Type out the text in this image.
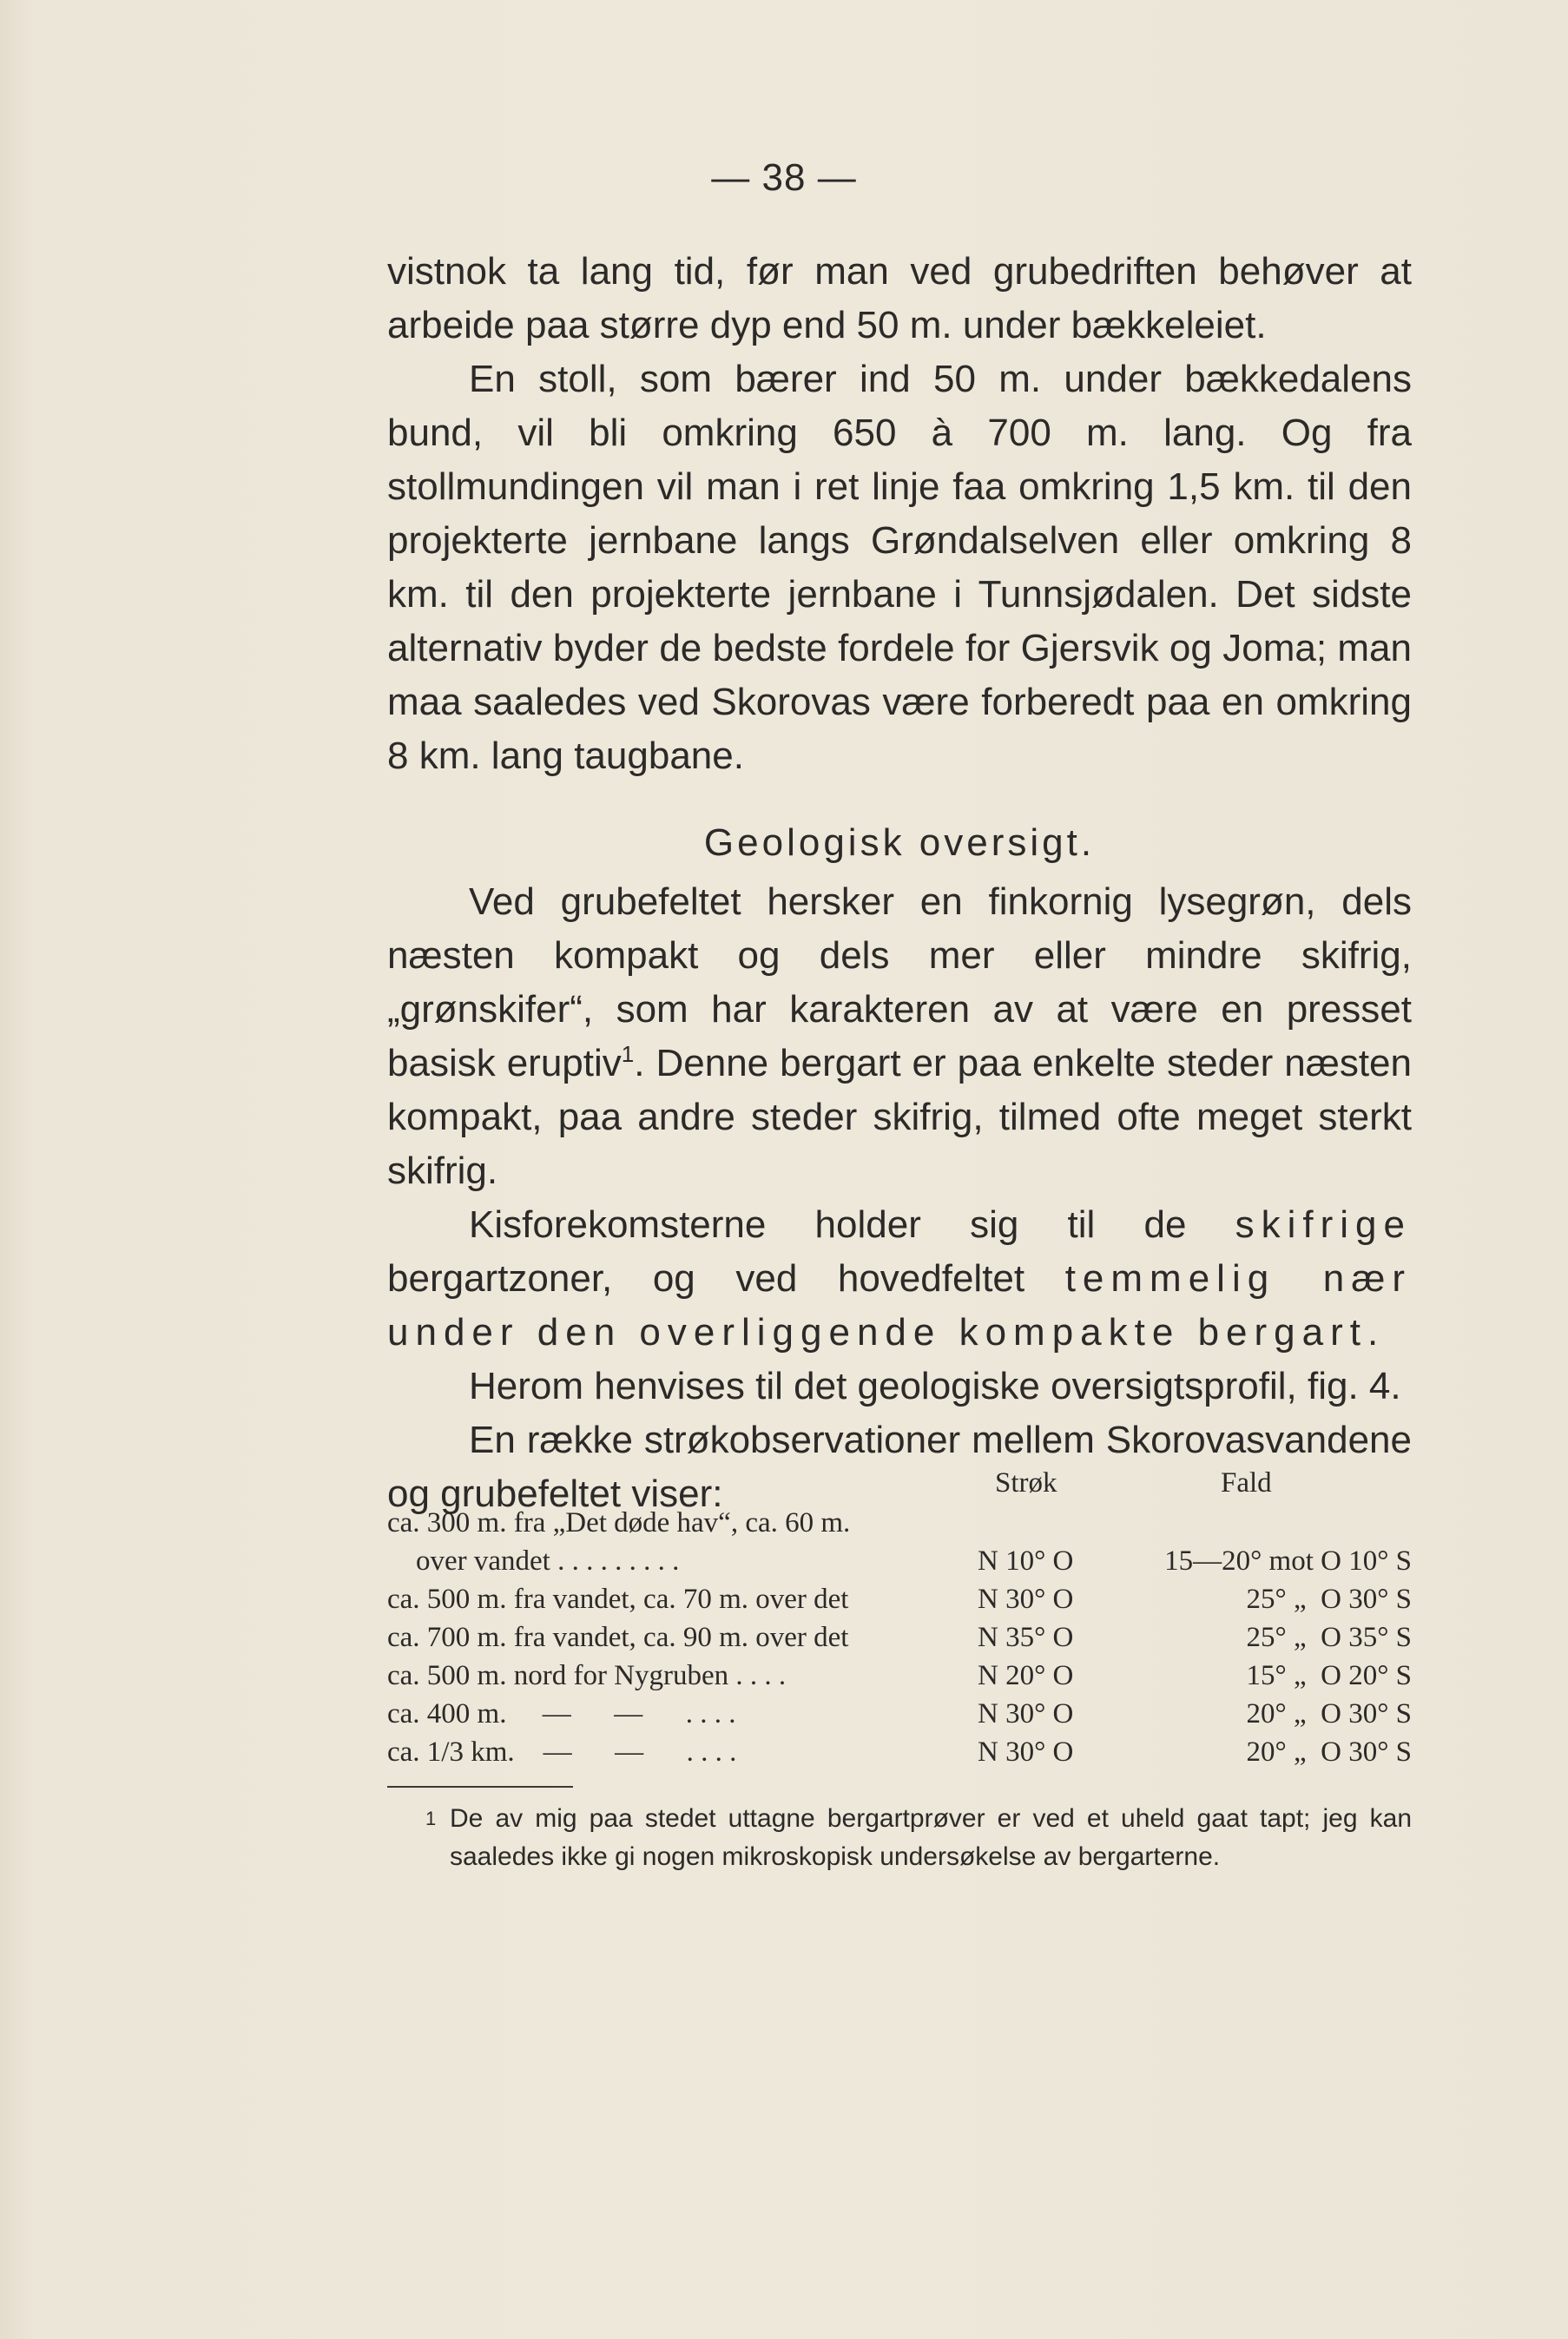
— 38 —

vistnok ta lang tid, før man ved grubedriften behøver at arbeide paa større dyp end 50 m. under bækkeleiet.

En stoll, som bærer ind 50 m. under bækkedalens bund, vil bli omkring 650 à 700 m. lang. Og fra stollmundingen vil man i ret linje faa omkring 1,5 km. til den projekterte jernbane langs Grøndalselven eller omkring 8 km. til den projekterte jernbane i Tunnsjødalen. Det sidste alternativ byder de bedste fordele for Gjersvik og Joma; man maa saaledes ved Skorovas være forberedt paa en omkring 8 km. lang taugbane.

Geologisk oversigt.

Ved grubefeltet hersker en finkornig lysegrøn, dels næsten kompakt og dels mer eller mindre skifrig, „grønskifer“, som har karakteren av at være en presset basisk eruptiv$^1$. Denne bergart er paa enkelte steder næsten kompakt, paa andre steder skifrig, tilmed ofte meget sterkt skifrig.

Kisforekomsterne holder sig til de skifrige bergartzoner, og ved hovedfeltet temmelig nær under den overliggende kompakte bergart.

Herom henvises til det geologiske oversigtsprofil, fig. 4.

En række strøkobservationer mellem Skorovasvandene og grubefeltet viser:	Strøk	Fald
ca. 300 m. fra „Det døde hav“, ca. 60 m.
over vandet . . . . . . . . .	N 10° O	15—20° mot O 10° S
ca. 500 m. fra vandet, ca. 70 m. over det	N 30° O	25° „  O 30° S
ca. 700 m. fra vandet, ca. 90 m. over det	N 35° O	25° „  O 35° S
ca. 500 m. nord for Nygruben . . . .	N 20° O	15° „  O 20° S
ca. 400 m.     —      —      . . . .	N 30° O	20° „  O 30° S
ca. 1/3 km.    —      —      . . . .	N 30° O	20° „  O 30° S
1 De av mig paa stedet uttagne bergartprøver er ved et uheld gaat tapt; jeg kan saaledes ikke gi nogen mikroskopisk undersøkelse av bergarterne.
